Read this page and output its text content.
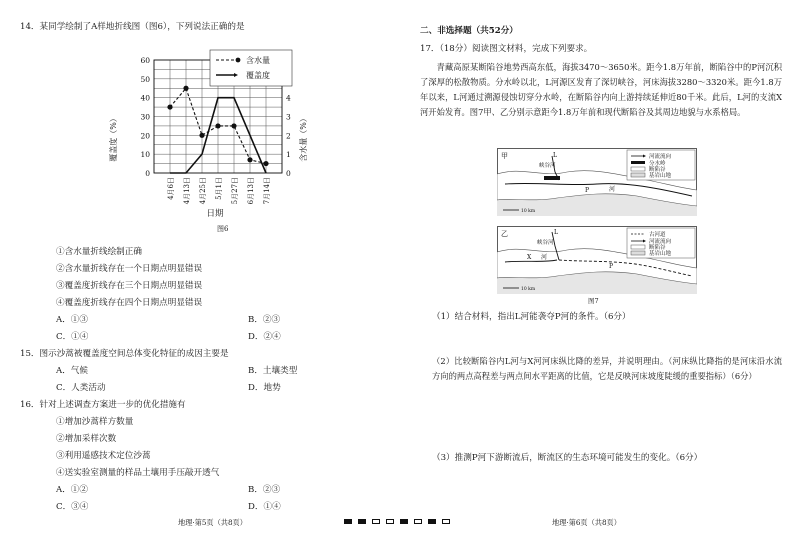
14．某同学绘制了A样地折线图（图6），下列说法正确的是
0
10
20
30
40
50
60
0
1
2
3
4
4月6日 4月13日 4月25日 5月1日 5月27日 6月13日 7月14日
含水量
覆盖度
覆盖度（%）	含水量（%）
日期
图6
①含水量折线绘制正确
②含水量折线存在一个日期点明显错误
③覆盖度折线存在三个日期点明显错误
④覆盖度折线存在四个日期点明显错误
A．①③	B．②③
C．①④	D．②④
15．图示沙蒿被覆盖度空间总体变化特征的成因主要是
A．气候	B．土壤类型
C．人类活动	D．地势
16．针对上述调查方案进一步的优化措施有
①增加沙蒿样方数量
②增加采样次数
③利用遥感技术定位沙蒿
④送实验室测量的样品土壤用手压敲开透气
A．①②	B．②③
C．③④	D．①④
二、非选择题（共52分）
17．（18分）阅读图文材料，完成下列要求。
青藏高原某断陷谷地势西高东低，海拔3470～3650米。距今1.8万年前，断陷谷中的P河沉积了深厚的松散物质。分水岭以北，L河源区发育了深切峡谷，河床海拔3280～3320米。距今1.8万年以来，L河通过溯源侵蚀切穿分水岭，在断陷谷内向上游持续延伸近80千米。此后，L河的支流X河开始发育。图7甲、乙分别示意距今1.8万年前和现代断陷谷及其周边地貌与水系格局。
甲	L
峡谷河
P	河
河流流向
分水岭
断陷谷
基岩山地
10 km
乙	L
峡谷河
X 河
P
古河道
河流流向
断陷谷
基岩山地
10 km
图7
（1）结合材料，指出L河能袭夺P河的条件。（6分）
（2）比较断陷谷内L河与X河河床纵比降的差异，并说明理由。（河床纵比降指的是河床沿水流方向的两点高程差与两点间水平距离的比值，它是反映河床坡度陡缓的重要指标）（6分）
（3）推测P河下游断流后，断流区的生态环境可能发生的变化。（6分）
地理·第5页（共8页）	地理·第6页（共8页）
